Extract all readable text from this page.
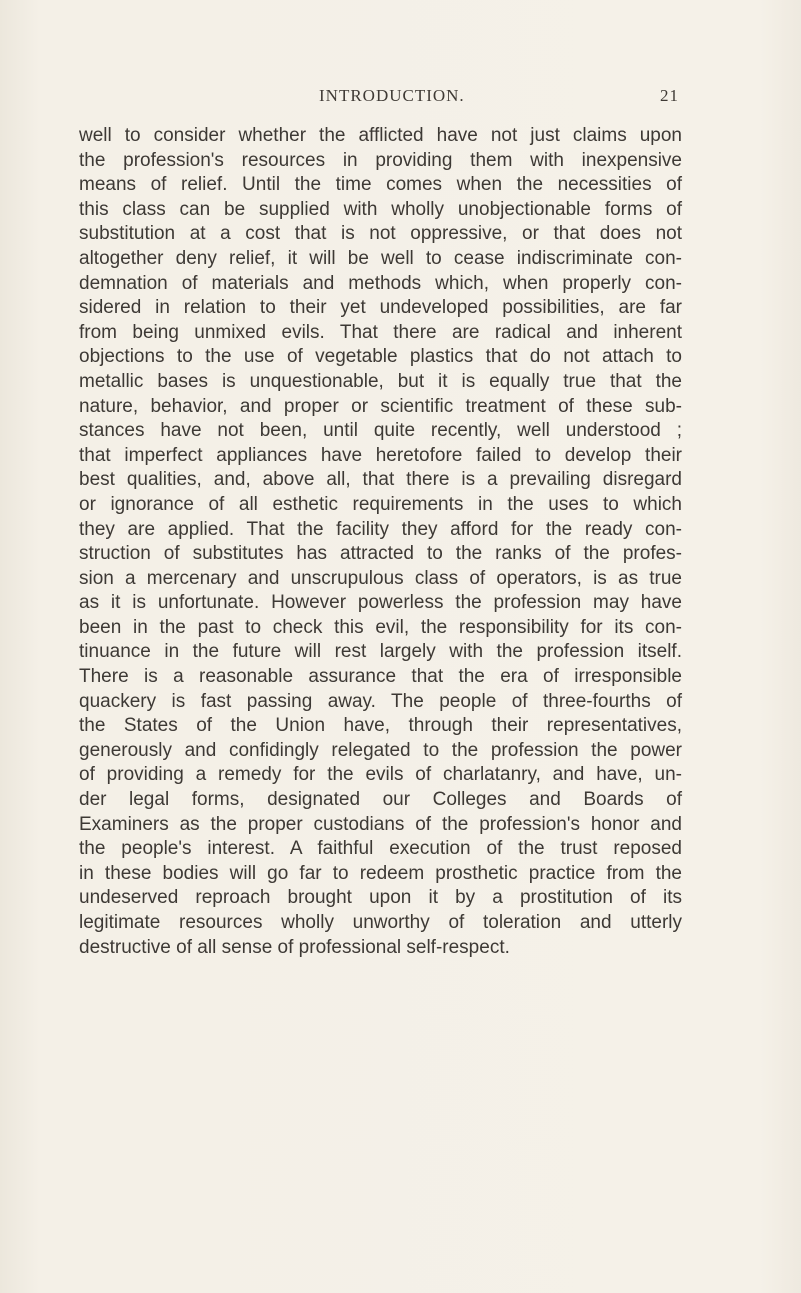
INTRODUCTION.	21
well to consider whether the afflicted have not just claims upon
the profession's resources in providing them with inexpensive
means of relief. Until the time comes when the necessities of
this class can be supplied with wholly unobjectionable forms of
substitution at a cost that is not oppressive, or that does not
altogether deny relief, it will be well to cease indiscriminate con-
demnation of materials and methods which, when properly con-
sidered in relation to their yet undeveloped possibilities, are far
from being unmixed evils. That there are radical and inherent
objections to the use of vegetable plastics that do not attach to
metallic bases is unquestionable, but it is equally true that the
nature, behavior, and proper or scientific treatment of these sub-
stances have not been, until quite recently, well understood ;
that imperfect appliances have heretofore failed to develop their
best qualities, and, above all, that there is a prevailing disregard
or ignorance of all esthetic requirements in the uses to which
they are applied. That the facility they afford for the ready con-
struction of substitutes has attracted to the ranks of the profes-
sion a mercenary and unscrupulous class of operators, is as true
as it is unfortunate. However powerless the profession may have
been in the past to check this evil, the responsibility for its con-
tinuance in the future will rest largely with the profession itself.
There is a reasonable assurance that the era of irresponsible
quackery is fast passing away. The people of three-fourths of
the States of the Union have, through their representatives,
generously and confidingly relegated to the profession the power
of providing a remedy for the evils of charlatanry, and have, un-
der legal forms, designated our Colleges and Boards of
Examiners as the proper custodians of the profession's honor and
the people's interest. A faithful execution of the trust reposed
in these bodies will go far to redeem prosthetic practice from the
undeserved reproach brought upon it by a prostitution of its
legitimate resources wholly unworthy of toleration and utterly
destructive of all sense of professional self-respect.
